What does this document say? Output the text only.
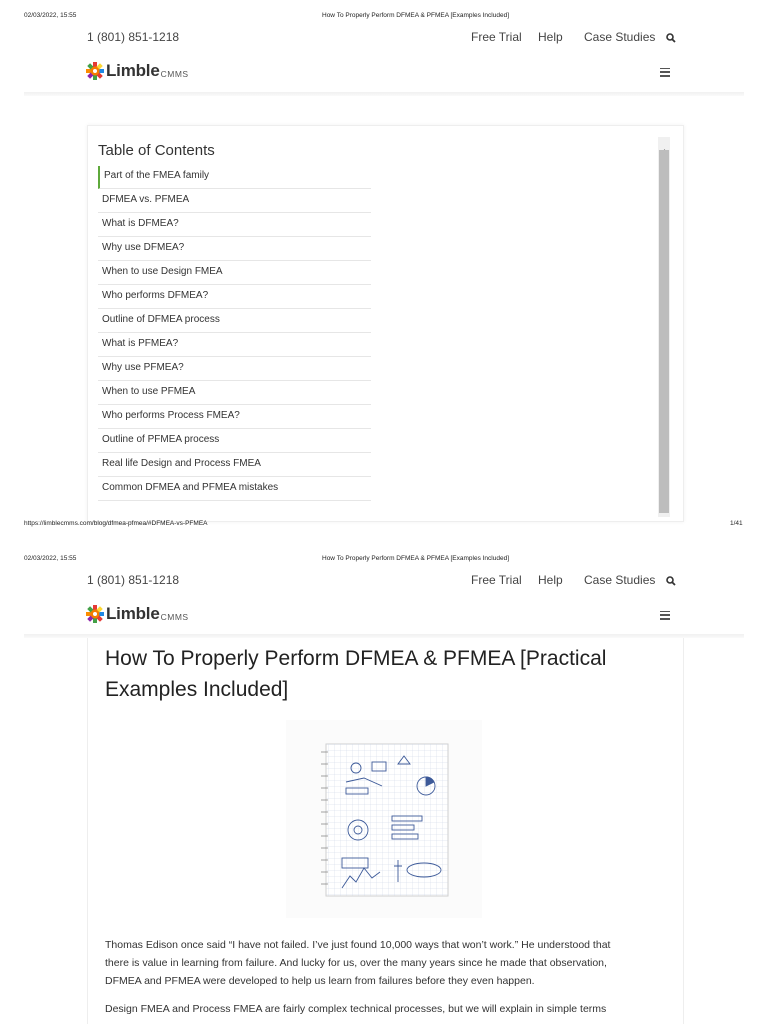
02/03/2022, 15:55	How To Properly Perform DFMEA & PFMEA [Examples Included]
1 (801) 851-1218	Free Trial Help Case Studies
Limble CMMS
Table of Contents
Part of the FMEA family
DFMEA vs. PFMEA
What is DFMEA?
Why use DFMEA?
When to use Design FMEA
Who performs DFMEA?
Outline of DFMEA process
What is PFMEA?
Why use PFMEA?
When to use PFMEA
Who performs Process FMEA?
Outline of PFMEA process
Real life Design and Process FMEA
Common DFMEA and PFMEA mistakes
https://limblecmms.com/blog/dfmea-pfmea/#DFMEA-vs-PFMEA	1/41
02/03/2022, 15:55	How To Properly Perform DFMEA & PFMEA [Examples Included]
1 (801) 851-1218	Free Trial Help Case Studies
Limble CMMS
How To Properly Perform DFMEA & PFMEA [Practical
Examples Included]
Thomas Edison once said “I have not failed. I’ve just found 10,000 ways that won’t work.” He understood that
there is value in learning from failure. And lucky for us, over the many years since he made that observation,
DFMEA and PFMEA were developed to help us learn from failures before they even happen.
Design FMEA and Process FMEA are fairly complex technical processes, but we will explain in simple terms
